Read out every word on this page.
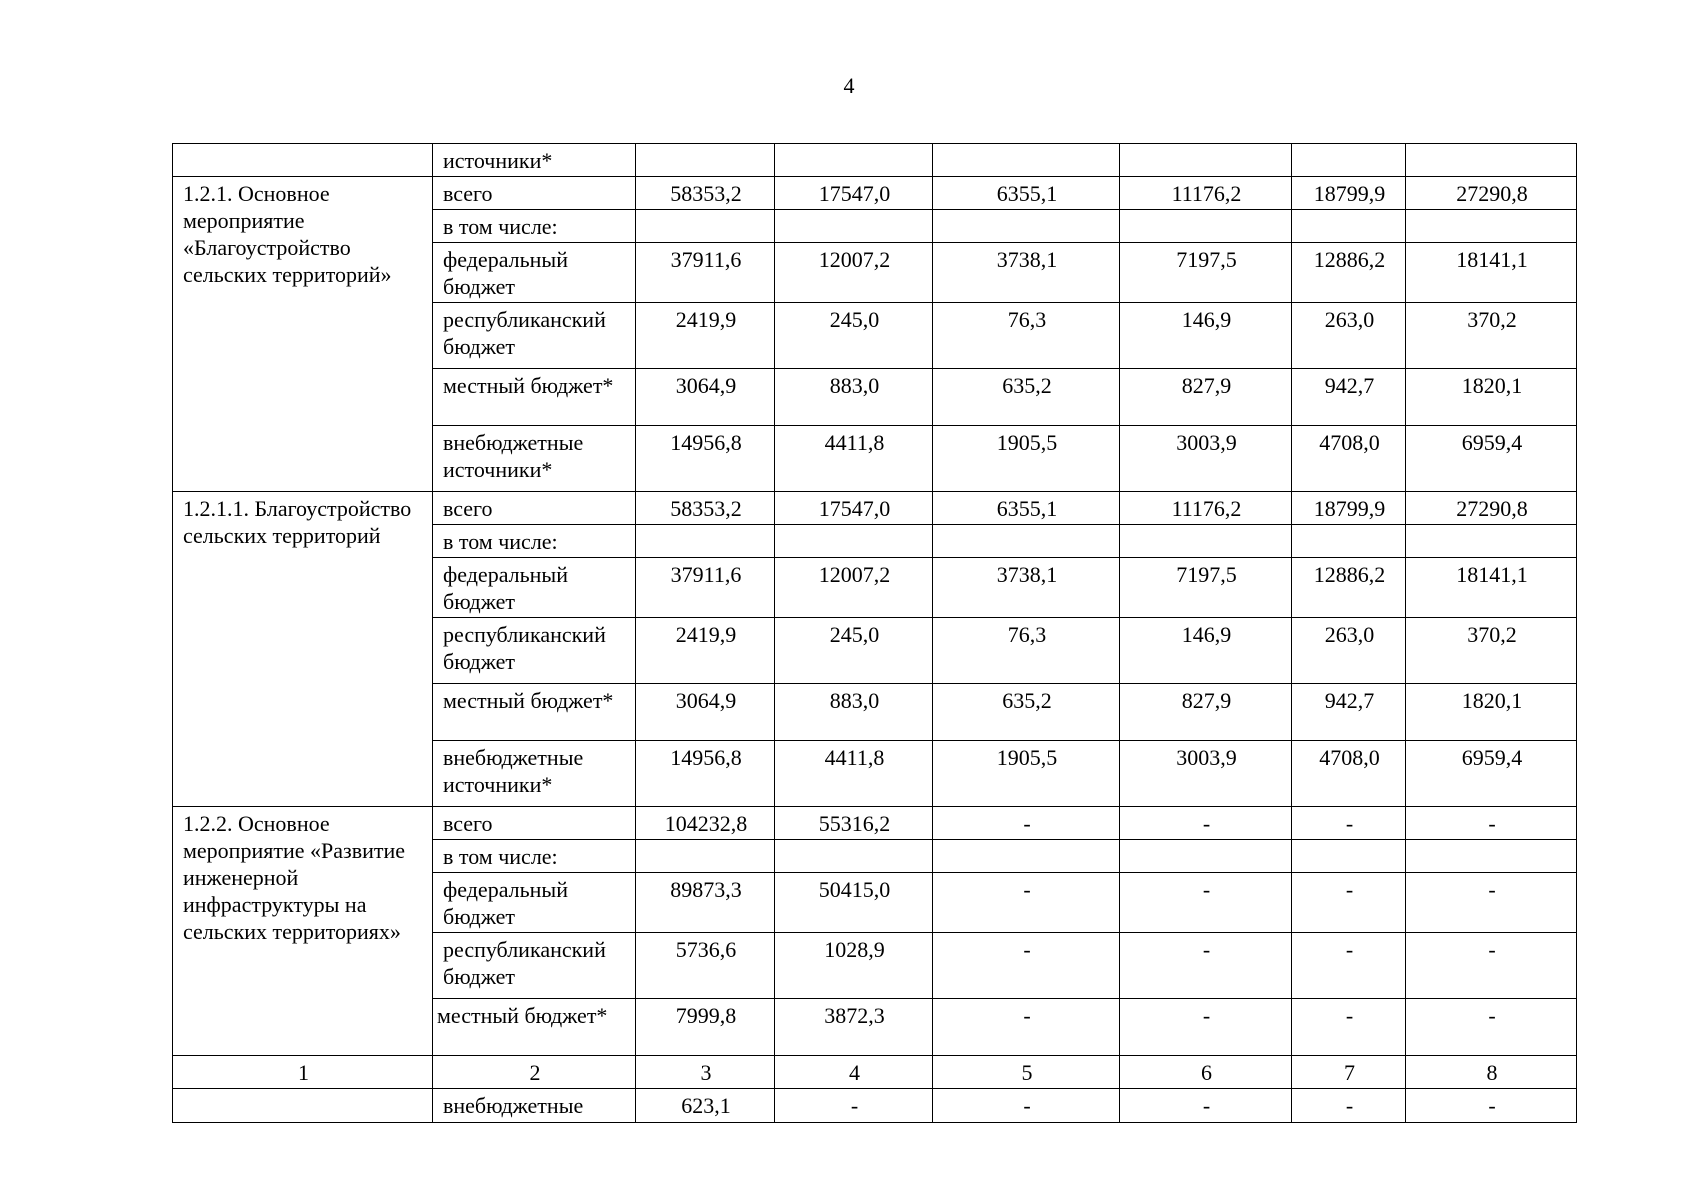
4
	источники*						
1.2.1. Основное мероприятие «Благоустройство сельских территорий»	всего	58353,2	17547,0	6355,1	11176,2	18799,9	27290,8
	в том числе:						
	федеральный бюджет	37911,6	12007,2	3738,1	7197,5	12886,2	18141,1
	республиканский бюджет	2419,9	245,0	76,3	146,9	263,0	370,2
	местный бюджет*	3064,9	883,0	635,2	827,9	942,7	1820,1
	внебюджетные источники*	14956,8	4411,8	1905,5	3003,9	4708,0	6959,4
1.2.1.1. Благоустройство сельских территорий	всего	58353,2	17547,0	6355,1	11176,2	18799,9	27290,8
	в том числе:						
	федеральный бюджет	37911,6	12007,2	3738,1	7197,5	12886,2	18141,1
	республиканский бюджет	2419,9	245,0	76,3	146,9	263,0	370,2
	местный бюджет*	3064,9	883,0	635,2	827,9	942,7	1820,1
	внебюджетные источники*	14956,8	4411,8	1905,5	3003,9	4708,0	6959,4
1.2.2. Основное мероприятие «Развитие инженерной инфраструктуры на сельских территориях»	всего	104232,8	55316,2	-	-	-	-
	в том числе:						
	федеральный бюджет	89873,3	50415,0	-	-	-	-
	республиканский бюджет	5736,6	1028,9	-	-	-	-
	местный бюджет*	7999,8	3872,3	-	-	-	-
1	2	3	4	5	6	7	8
	внебюджетные	623,1	-	-	-	-	-
